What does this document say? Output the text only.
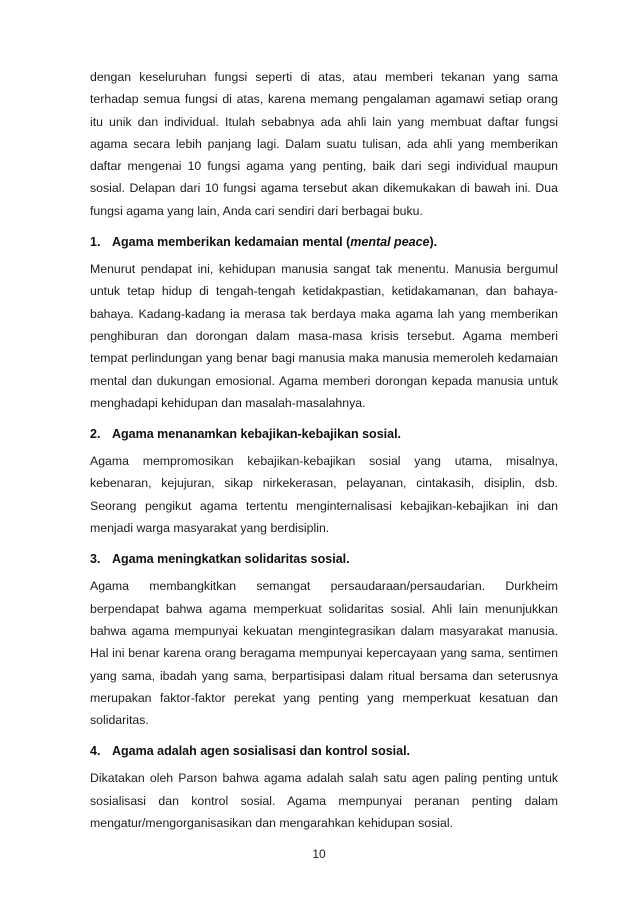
dengan keseluruhan fungsi seperti di atas, atau memberi tekanan yang sama terhadap semua fungsi di atas, karena memang pengalaman agamawi setiap orang itu unik dan individual. Itulah sebabnya ada ahli lain yang membuat daftar fungsi agama secara lebih panjang lagi. Dalam suatu tulisan, ada ahli yang memberikan daftar mengenai 10 fungsi agama yang penting, baik dari segi individual maupun sosial. Delapan dari 10 fungsi agama tersebut akan dikemukakan di bawah ini. Dua fungsi agama yang lain, Anda cari sendiri dari berbagai buku.

1. Agama memberikan kedamaian mental (mental peace).

Menurut pendapat ini, kehidupan manusia sangat tak menentu. Manusia bergumul untuk tetap hidup di tengah-tengah ketidakpastian, ketidakamanan, dan bahaya- bahaya. Kadang-kadang ia merasa tak berdaya maka agama lah yang memberikan penghiburan dan dorongan dalam masa-masa krisis tersebut. Agama memberi tempat perlindungan yang benar bagi manusia maka manusia memeroleh kedamaian mental dan dukungan emosional. Agama memberi dorongan kepada manusia untuk menghadapi kehidupan dan masalah-masalahnya.

2. Agama menanamkan kebajikan-kebajikan sosial.

Agama mempromosikan kebajikan-kebajikan sosial yang utama, misalnya, kebenaran, kejujuran, sikap nirkekerasan, pelayanan, cintakasih, disiplin, dsb. Seorang pengikut agama tertentu menginternalisasi kebajikan-kebajikan ini dan menjadi warga masyarakat yang berdisiplin.

3. Agama meningkatkan solidaritas sosial.

Agama membangkitkan semangat persaudaraan/persaudarian. Durkheim berpendapat bahwa agama memperkuat solidaritas sosial. Ahli lain menunjukkan bahwa agama mempunyai kekuatan mengintegrasikan dalam masyarakat manusia. Hal ini benar karena orang beragama mempunyai kepercayaan yang sama, sentimen yang sama, ibadah yang sama, berpartisipasi dalam ritual bersama dan seterusnya merupakan faktor-faktor perekat yang penting yang memperkuat kesatuan dan solidaritas.

4. Agama adalah agen sosialisasi dan kontrol sosial.

Dikatakan oleh Parson bahwa agama adalah salah satu agen paling penting untuk sosialisasi dan kontrol sosial. Agama mempunyai peranan penting dalam mengatur/mengorganisasikan dan mengarahkan kehidupan sosial.

10
